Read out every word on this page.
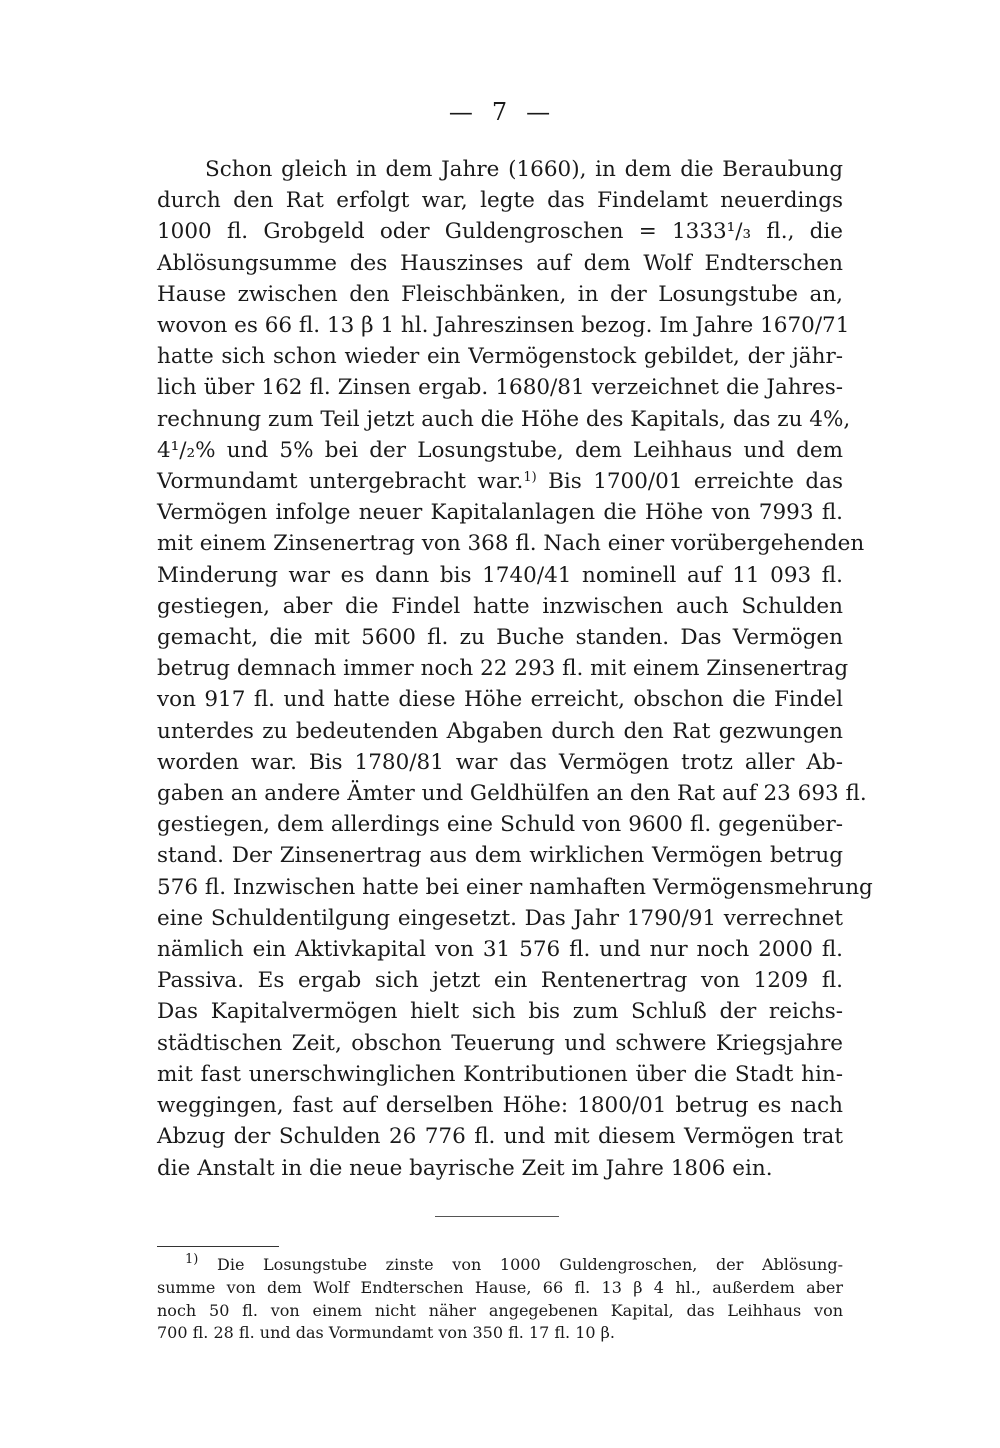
— 7 —
Schon gleich in dem Jahre (1660), in dem die Beraubung
durch den Rat erfolgt war, legte das Findelamt neuerdings
1000 fl. Grobgeld oder Guldengroschen = 1333¹/₃ fl., die
Ablösungsumme des Hauszinses auf dem Wolf Endterschen
Hause zwischen den Fleischbänken, in der Losungstube an,
wovon es 66 fl. 13 β 1 hl. Jahreszinsen bezog. Im Jahre 1670/71
hatte sich schon wieder ein Vermögenstock gebildet, der jähr-
lich über 162 fl. Zinsen ergab. 1680/81 verzeichnet die Jahres-
rechnung zum Teil jetzt auch die Höhe des Kapitals, das zu 4%,
4¹/₂% und 5% bei der Losungstube, dem Leihhaus und dem
Vormundamt untergebracht war.$^{1)}$ Bis 1700/01 erreichte das
Vermögen infolge neuer Kapitalanlagen die Höhe von 7993 fl.
mit einem Zinsenertrag von 368 fl. Nach einer vorübergehenden
Minderung war es dann bis 1740/41 nominell auf 11 093 fl.
gestiegen, aber die Findel hatte inzwischen auch Schulden
gemacht, die mit 5600 fl. zu Buche standen. Das Vermögen
betrug demnach immer noch 22 293 fl. mit einem Zinsenertrag
von 917 fl. und hatte diese Höhe erreicht, obschon die Findel
unterdes zu bedeutenden Abgaben durch den Rat gezwungen
worden war. Bis 1780/81 war das Vermögen trotz aller Ab-
gaben an andere Ämter und Geldhülfen an den Rat auf 23 693 fl.
gestiegen, dem allerdings eine Schuld von 9600 fl. gegenüber-
stand. Der Zinsenertrag aus dem wirklichen Vermögen betrug
576 fl. Inzwischen hatte bei einer namhaften Vermögensmehrung
eine Schuldentilgung eingesetzt. Das Jahr 1790/91 verrechnet
nämlich ein Aktivkapital von 31 576 fl. und nur noch 2000 fl.
Passiva. Es ergab sich jetzt ein Rentenertrag von 1209 fl.
Das Kapitalvermögen hielt sich bis zum Schluß der reichs-
städtischen Zeit, obschon Teuerung und schwere Kriegsjahre
mit fast unerschwinglichen Kontributionen über die Stadt hin-
weggingen, fast auf derselben Höhe: 1800/01 betrug es nach
Abzug der Schulden 26 776 fl. und mit diesem Vermögen trat
die Anstalt in die neue bayrische Zeit im Jahre 1806 ein.
$^{1)}$ Die Losungstube zinste von 1000 Guldengroschen, der Ablösung-
summe von dem Wolf Endterschen Hause, 66 fl. 13 β 4 hl., außerdem aber
noch 50 fl. von einem nicht näher angegebenen Kapital, das Leihhaus von
700 fl. 28 fl. und das Vormundamt von 350 fl. 17 fl. 10 β.
